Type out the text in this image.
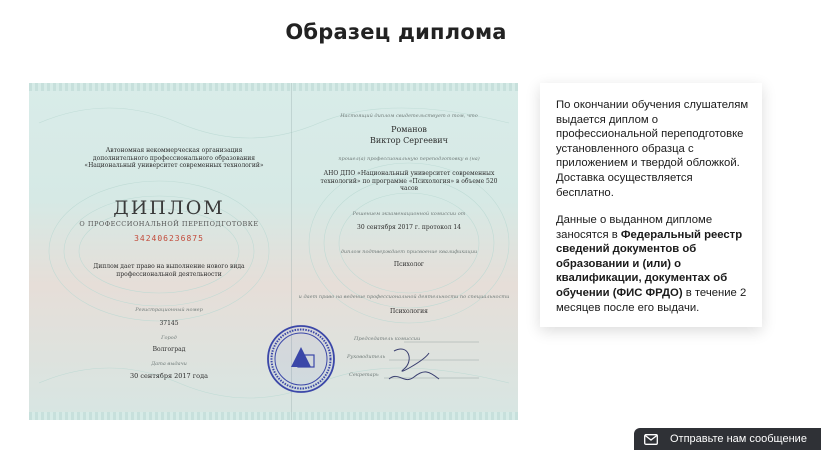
Образец диплома
Автономная некоммерческая организация дополнительного профессионального образования «Национальный университет современных технологий»
ДИПЛОМ
О ПРОФЕССИОНАЛЬНОЙ ПЕРЕПОДГОТОВКЕ
342406236875
Диплом дает право на выполнение нового вида профессиональной деятельности
Регистрационный номер
37145
Город
Волгоград
Дата выдачи
30 сентября 2017 года
Настоящий диплом свидетельствует о том, что
Романов
Виктор Сергеевич
прошел(а) профессиональную переподготовку в (на)
АНО ДПО «Национальный университет современных технологий» по программе «Психология» в объеме 520 часов
Решением экзаменационной комиссии от
30 сентября 2017 г. протокол 14
диплом подтверждает присвоение квалификации
Психолог
и дает право на ведение профессиональной деятельности по специальности
Психология
Председатель комиссии
Руководитель
Секретарь

По окончании обучения слушателям выдается диплом о профессиональной переподготовке установленного образца с приложением и твердой обложкой. Доставка осуществляется бесплатно.

Данные о выданном дипломе заносятся в Федеральный реестр сведений документов об образовании и (или) о квалификации, документах об обучении (ФИС ФРДО) в течение 2 месяцев после его выдачи.

Отправьте нам сообщение
